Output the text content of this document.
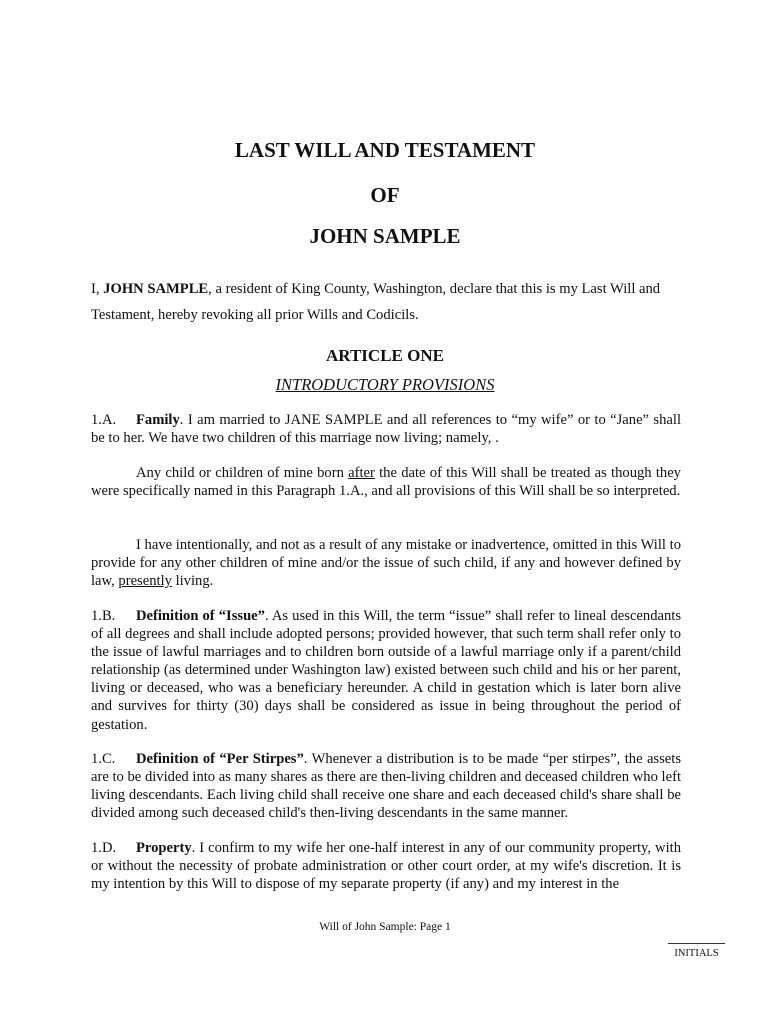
LAST WILL AND TESTAMENT
OF
JOHN SAMPLE
I, JOHN SAMPLE, a resident of King County, Washington, declare that this is my Last Will and
Testament, hereby revoking all prior Wills and Codicils.
ARTICLE ONE
INTRODUCTORY PROVISIONS
1.A. Family. I am married to JANE SAMPLE and all references to “my wife” or to “Jane” shall be to her. We have two children of this marriage now living; namely, .
Any child or children of mine born after the date of this Will shall be treated as though they were specifically named in this Paragraph 1.A., and all provisions of this Will shall be so interpreted.
I have intentionally, and not as a result of any mistake or inadvertence, omitted in this Will to provide for any other children of mine and/or the issue of such child, if any and however defined by law, presently living.
1.B. Definition of “Issue”. As used in this Will, the term “issue” shall refer to lineal descendants of all degrees and shall include adopted persons; provided however, that such term shall refer only to the issue of lawful marriages and to children born outside of a lawful marriage only if a parent/child relationship (as determined under Washington law) existed between such child and his or her parent, living or deceased, who was a beneficiary hereunder. A child in gestation which is later born alive and survives for thirty (30) days shall be considered as issue in being throughout the period of gestation.
1.C. Definition of “Per Stirpes”. Whenever a distribution is to be made “per stirpes”, the assets are to be divided into as many shares as there are then-living children and deceased children who left living descendants. Each living child shall receive one share and each deceased child's share shall be divided among such deceased child's then-living descendants in the same manner.
1.D. Property. I confirm to my wife her one-half interest in any of our community property, with or without the necessity of probate administration or other court order, at my wife's discretion. It is my intention by this Will to dispose of my separate property (if any) and my interest in the
Will of John Sample: Page 1
INITIALS
